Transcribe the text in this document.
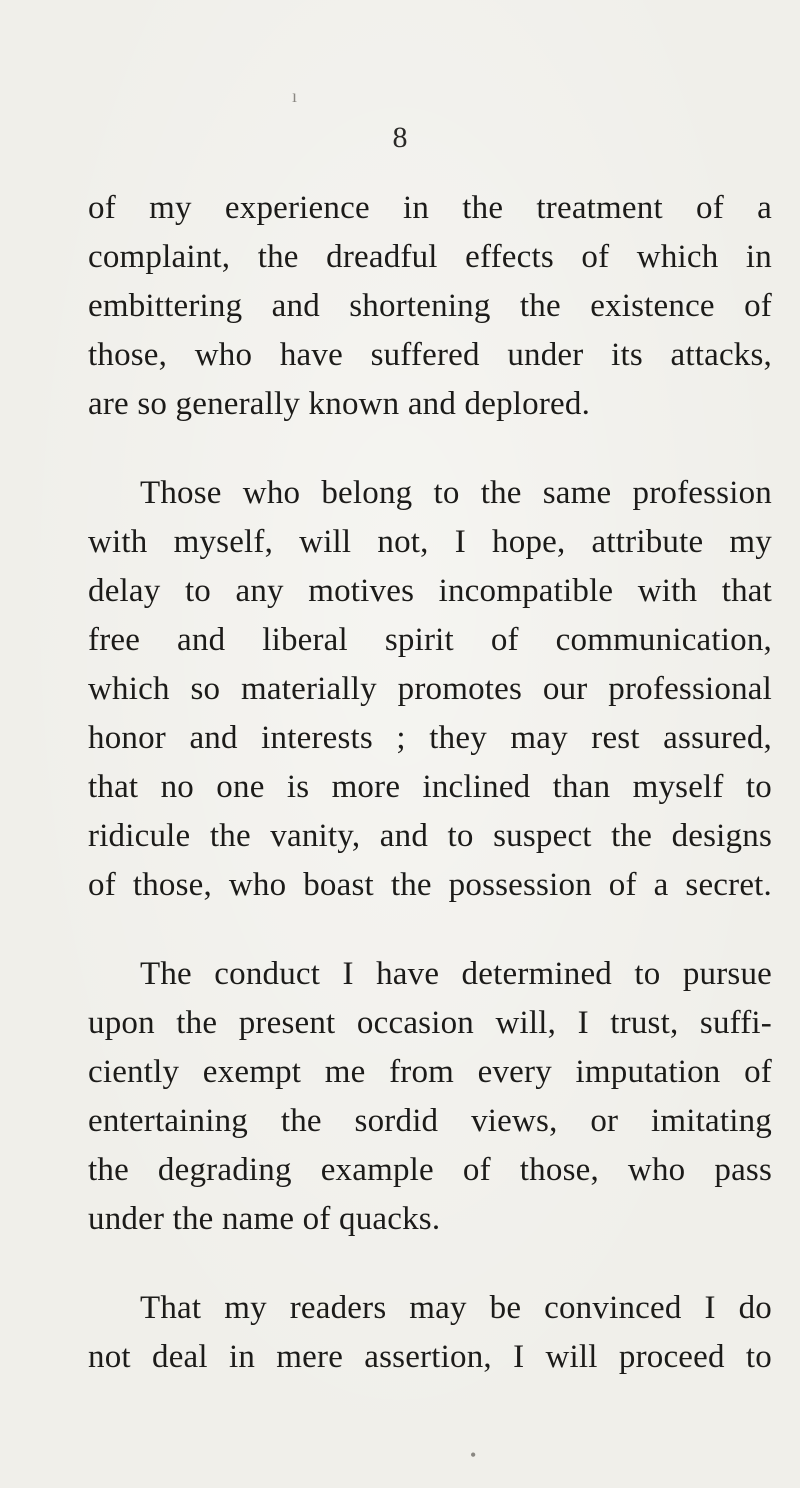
ı
•
8
of my experience in the treatment of a
complaint, the dreadful effects of which in
embittering and shortening the existence of
those, who have suffered under its attacks,
are so generally known and deplored.
Those who belong to the same profession
with myself, will not, I hope, attribute my
delay to any motives incompatible with that
free and liberal spirit of communication,
which so materially promotes our professional
honor and interests ; they may rest assured,
that no one is more inclined than myself to
ridicule the vanity, and to suspect the designs
of those, who boast the possession of a secret.
The conduct I have determined to pursue
upon the present occasion will, I trust, suffi-
ciently exempt me from every imputation of
entertaining the sordid views, or imitating
the degrading example of those, who pass
under the name of quacks.
That my readers may be convinced I do
not deal in mere assertion, I will proceed to
